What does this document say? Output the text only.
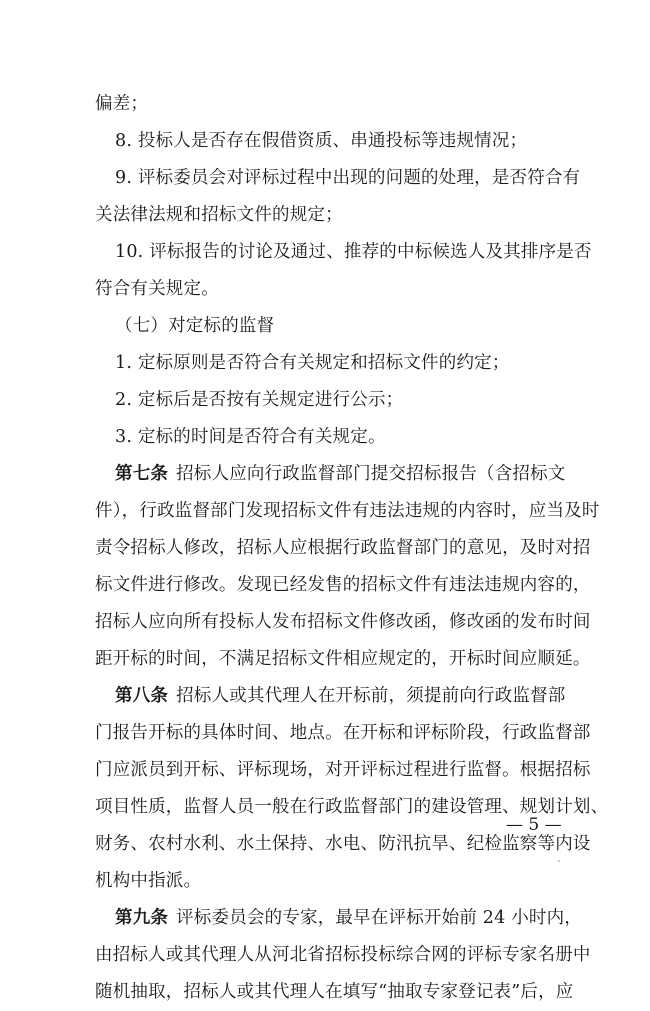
偏差；
8. 投标人是否存在假借资质、串通投标等违规情况；
9. 评标委员会对评标过程中出现的问题的处理，是否符合有
关法律法规和招标文件的规定；
10. 评标报告的讨论及通过、推荐的中标候选人及其排序是否
符合有关规定。
（七）对定标的监督
1. 定标原则是否符合有关规定和招标文件的约定；
2. 定标后是否按有关规定进行公示；
3. 定标的时间是否符合有关规定。
第七条 招标人应向行政监督部门提交招标报告（含招标文
件），行政监督部门发现招标文件有违法违规的内容时，应当及时
责令招标人修改，招标人应根据行政监督部门的意见，及时对招
标文件进行修改。发现已经发售的招标文件有违法违规内容的，
招标人应向所有投标人发布招标文件修改函，修改函的发布时间
距开标的时间，不满足招标文件相应规定的，开标时间应顺延。
第八条 招标人或其代理人在开标前，须提前向行政监督部
门报告开标的具体时间、地点。在开标和评标阶段，行政监督部
门应派员到开标、评标现场，对开评标过程进行监督。根据招标
项目性质，监督人员一般在行政监督部门的建设管理、规划计划、
财务、农村水利、水土保持、水电、防汛抗旱、纪检监察等内设
机构中指派。
第九条 评标委员会的专家，最早在评标开始前 24 小时内，
由招标人或其代理人从河北省招标投标综合网的评标专家名册中
随机抽取，招标人或其代理人在填写“抽取专家登记表”后，应
— 5 —
